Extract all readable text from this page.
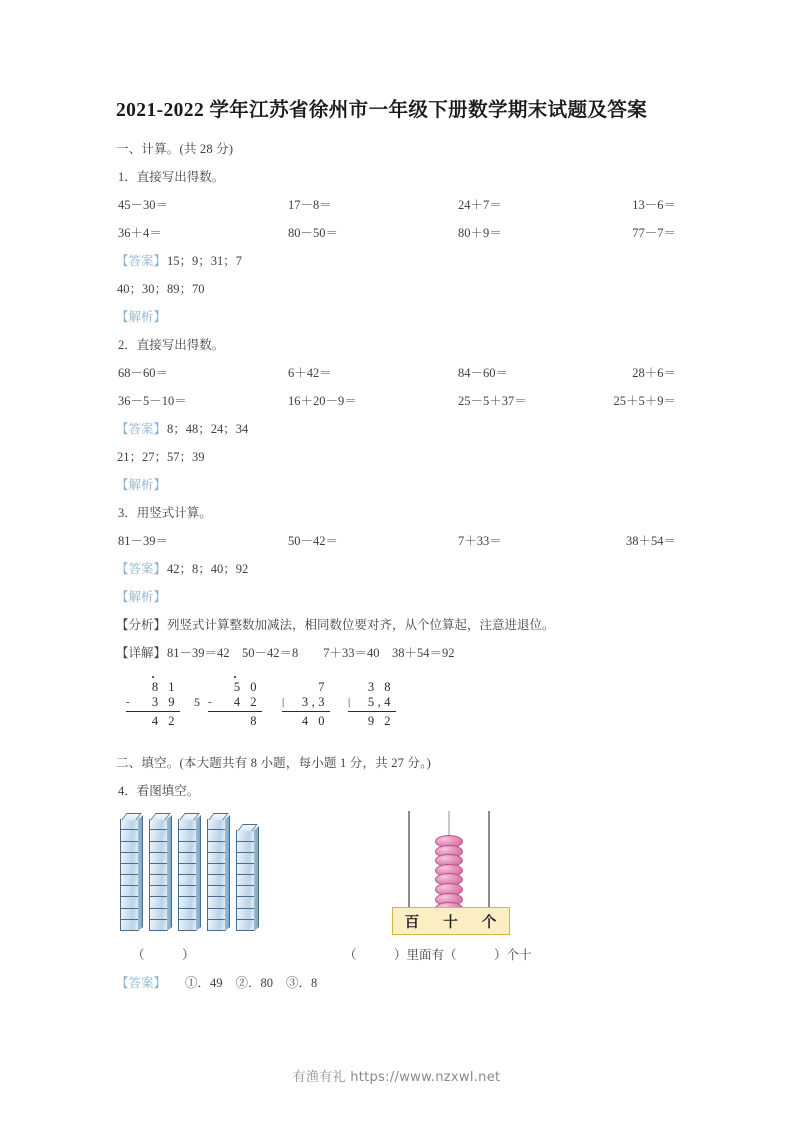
2021-2022 学年江苏省徐州市一年级下册数学期末试题及答案
一、计算。(共 28 分)
1．直接写出得数。
45－30＝	17－8＝	24＋7＝	13－6＝
36＋4＝	80－50＝	80＋9＝	77－7＝
【答案】15；9；31；7
40；30；89；70
【解析】
2．直接写出得数。
68－60＝	6＋42＝	84－60＝	28＋6＝
36－5－10＝	16＋20－9＝	25－5＋37＝	25＋5＋9＝
【答案】8；48；24；34
21；27；57；39
【解析】
3．用竖式计算。
81－39＝	50－42＝	7＋33＝	38＋54＝
【答案】42；8；40；92
【解析】
【分析】列竖式计算整数加减法，相同数位要对齐，从个位算起，注意进退位。
【详解】81－39＝42　50－42＝8　　7＋33＝40　38＋54＝92
8 1
- 3 9
4 2
5 0
- 4 2
8
5
7
| 3,3
4 0
3 8
| 5,4
9 2
二、填空。(本大题共有 8 小题，每小题 1 分，共 27 分。)
4．看图填空。
百 十 个
（　　　）	（　　　）里面有（　　　）个十
【答案】 ①．49 ②．80 ③．8
有渔有礼 https://www.nzxwl.net
